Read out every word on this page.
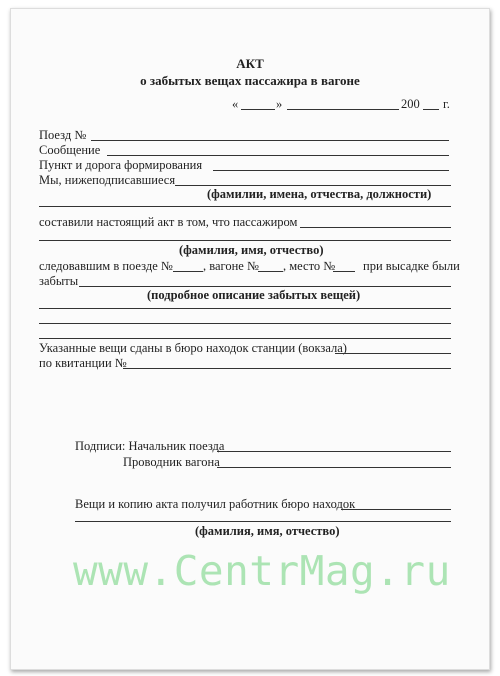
АКТ
о забытых вещах пассажира в вагоне
«	»	200 г.
Поезд №
Сообщение
Пункт и дорога формирования
Мы, нижеподписавшиеся
(фамилии, имена, отчества, должности)
составили настоящий акт в том, что пассажиром
(фамилия, имя, отчество)
следовавшим в поезде № , вагоне № , место № при высадке были
забыты
(подробное описание забытых вещей)
Указанные вещи сданы в бюро находок станции (вокзала)
по квитанции №
Подписи: Начальник поезда
Проводник вагона
Вещи и копию акта получил работник бюро находок
(фамилия, имя, отчество)
www.CentrMag.ru
